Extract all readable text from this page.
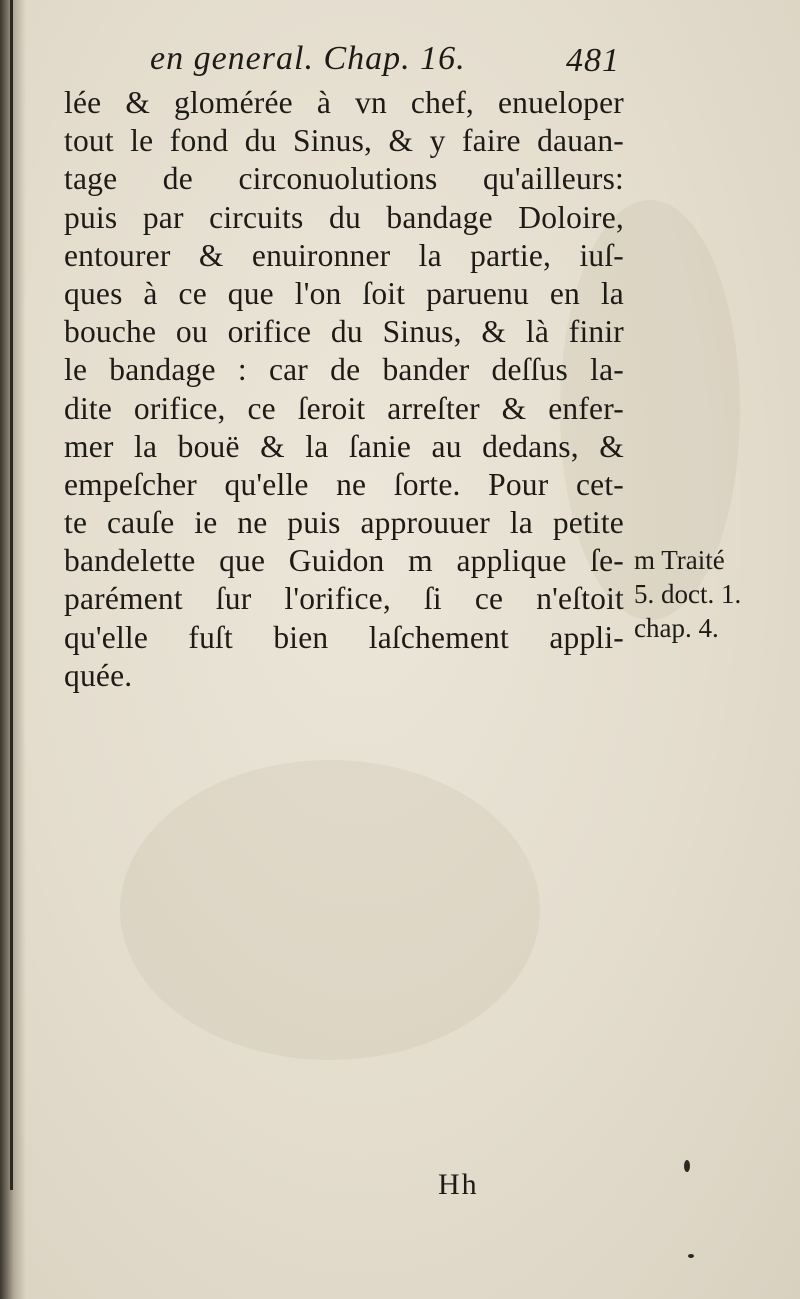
en general. Chap. 16.	481
lée & glomérée à vn chef, enueloper
tout le fond du Sinus, & y faire dauan-
tage de circonuolutions qu'ailleurs:
puis par circuits du bandage Doloire,
entourer & enuironner la partie, iuſ-
ques à ce que l'on ſoit paruenu en la
bouche ou orifice du Sinus, & là finir
le bandage : car de bander deſſus la-
dite orifice, ce ſeroit arreſter & enfer-
mer la bouë & la ſanie au dedans, &
empeſcher qu'elle ne ſorte. Pour cet-
te cauſe ie ne puis approuuer la petite
bandelette que Guidon m applique ſe-
parément ſur l'orifice, ſi ce n'eſtoit
qu'elle fuſt bien laſchement appli-
quée.
m Traité
5. doct. 1.
chap. 4.
Hh
